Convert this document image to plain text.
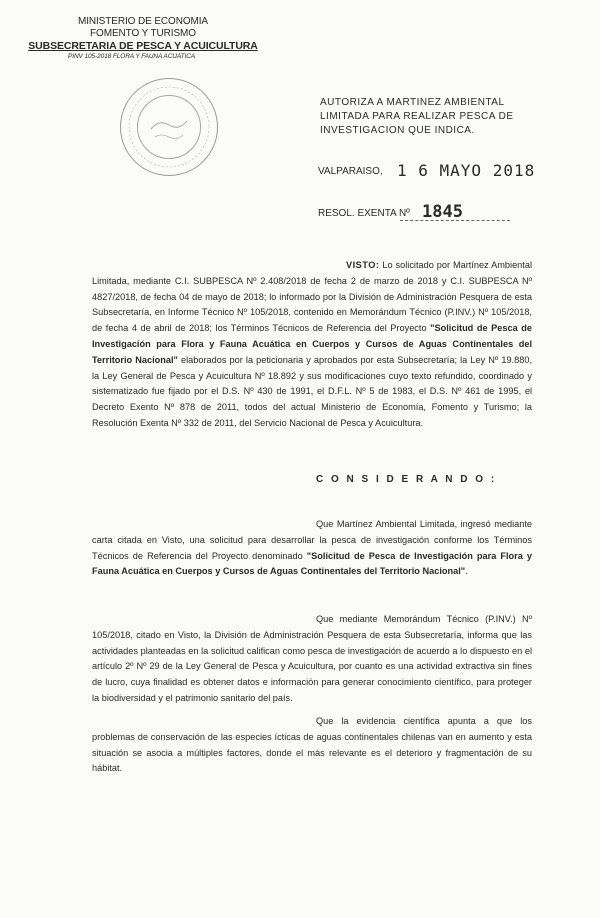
MINISTERIO DE ECONOMIA
FOMENTO Y TURISMO
SUBSECRETARIA DE PESCA Y ACUICULTURA
PINV 105-2018 FLORA Y FAUNA ACUATICA
AUTORIZA A MARTINEZ AMBIENTAL LIMITADA PARA REALIZAR PESCA DE INVESTIGACION QUE INDICA.
VALPARAISO, 1 6 MAYO 2018
RESOL. EXENTA Nº 1845
VISTO: Lo solicitado por Martínez Ambiental Limitada, mediante C.I. SUBPESCA Nº 2.408/2018 de fecha 2 de marzo de 2018 y C.I. SUBPESCA Nº 4827/2018, de fecha 04 de mayo de 2018; lo informado por la División de Administración Pesquera de esta Subsecretaría, en Informe Técnico Nº 105/2018, contenido en Memorándum Técnico (P.INV.) Nº 105/2018, de fecha 4 de abril de 2018; los Términos Técnicos de Referencia del Proyecto "Solicitud de Pesca de Investigación para Flora y Fauna Acuática en Cuerpos y Cursos de Aguas Continentales del Territorio Nacional" elaborados por la peticionaria y aprobados por esta Subsecretaría; la Ley Nº 19.880, la Ley General de Pesca y Acuicultura Nº 18.892 y sus modificaciones cuyo texto refundido, coordinado y sistematizado fue fijado por el D.S. Nº 430 de 1991, el D.F.L. Nº 5 de 1983, el D.S. Nº 461 de 1995, el Decreto Exento Nº 878 de 2011, todos del actual Ministerio de Economía, Fomento y Turismo; la Resolución Exenta Nº 332 de 2011, del Servicio Nacional de Pesca y Acuicultura.
C O N S I D E R A N D O :
Que Martínez Ambiental Limitada, ingresó mediante carta citada en Visto, una solicitud para desarrollar la pesca de investigación conforme los Términos Técnicos de Referencia del Proyecto denominado "Solicitud de Pesca de Investigación para Flora y Fauna Acuática en Cuerpos y Cursos de Aguas Continentales del Territorio Nacional".
Que mediante Memorándum Técnico (P.INV.) Nº 105/2018, citado en Visto, la División de Administración Pesquera de esta Subsecretaría, informa que las actividades planteadas en la solicitud califican como pesca de investigación de acuerdo a lo dispuesto en el artículo 2º Nº 29 de la Ley General de Pesca y Acuicultura, por cuanto es una actividad extractiva sin fines de lucro, cuya finalidad es obtener datos e información para generar conocimiento científico, para proteger la biodiversidad y el patrimonio sanitario del país.
Que la evidencia científica apunta a que los problemas de conservación de las especies ícticas de aguas continentales chilenas van en aumento y esta situación se asocia a múltiples factores, donde el más relevante es el deterioro y fragmentación de su hábitat.
